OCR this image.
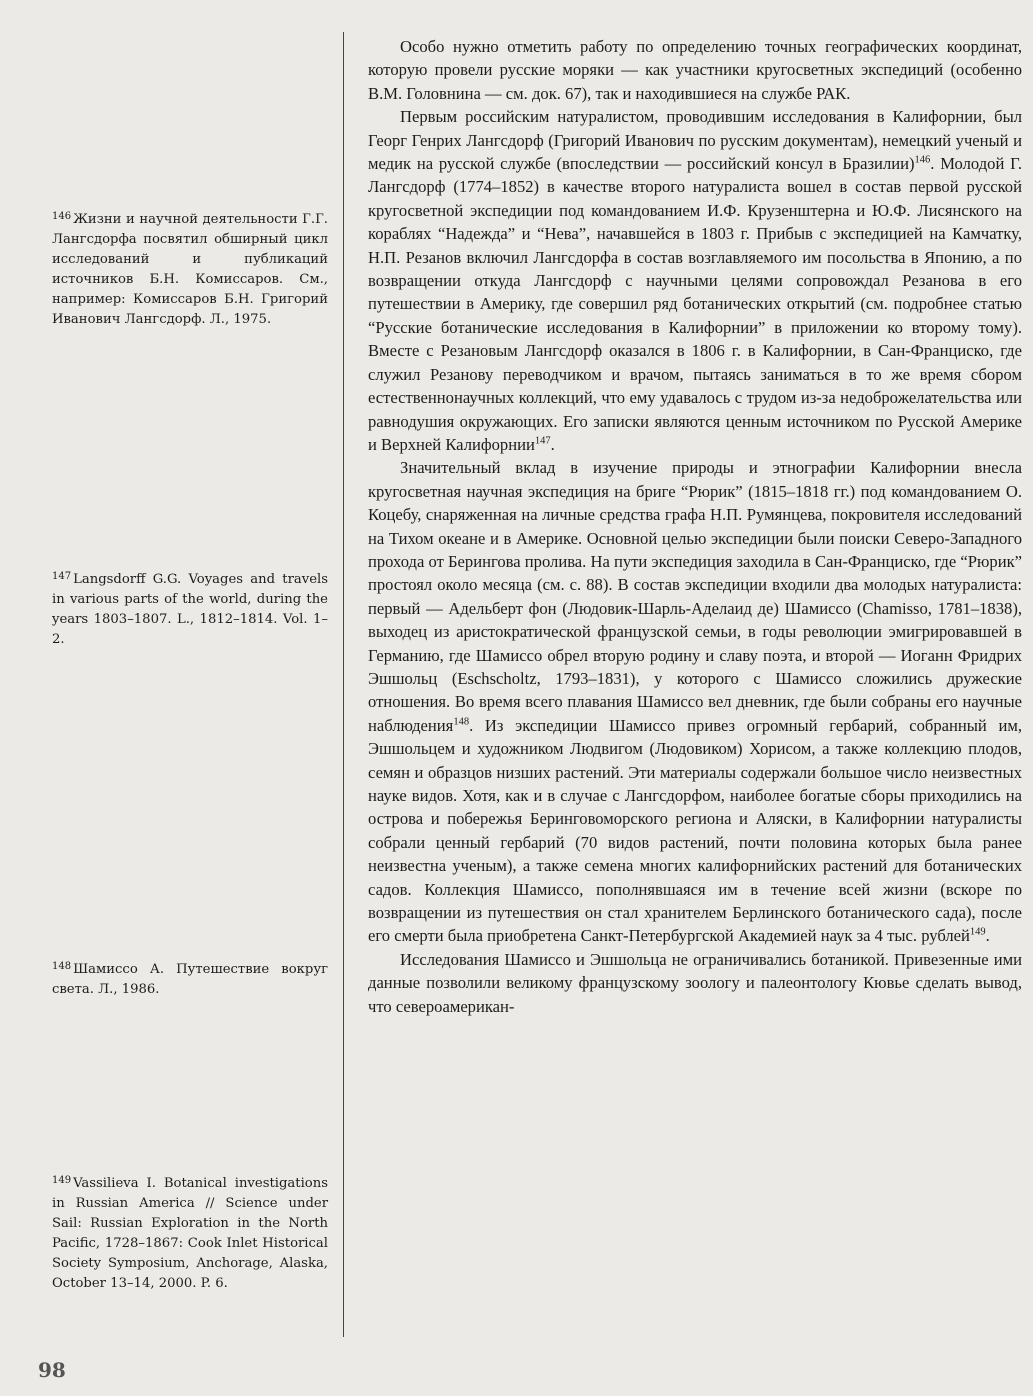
$^{146}$ Жизни и научной деятельности Г.Г. Лангсдорфа посвятил обширный цикл исследований и публикаций источников Б.Н. Комиссаров. См., например: Комиссаров Б.Н. Григорий Иванович Лангсдорф. Л., 1975.
$^{147}$ Langsdorff G.G. Voyages and travels in various parts of the world, during the years 1803–1807. L., 1812–1814. Vol. 1–2.
$^{148}$ Шамиссо А. Путешествие вокруг света. Л., 1986.
$^{149}$ Vassilieva I. Botanical investigations in Russian America // Science under Sail: Russian Exploration in the North Pacific, 1728–1867: Cook Inlet Historical Society Symposium, Anchorage, Alaska, October 13–14, 2000. P. 6.

Особо нужно отметить работу по определению точных географических координат, которую провели русские моряки — как участники кругосветных экспедиций (особенно В.М. Головнина — см. док. 67), так и находившиеся на службе РАК.

Первым российским натуралистом, проводившим исследования в Калифорнии, был Георг Генрих Лангсдорф (Григорий Иванович по русским документам), немецкий ученый и медик на русской службе (впоследствии — российский консул в Бразилии)$^{146}$. Молодой Г. Лангсдорф (1774–1852) в качестве второго натуралиста вошел в состав первой русской кругосветной экспедиции под командованием И.Ф. Крузенштерна и Ю.Ф. Лисянского на кораблях “Надежда” и “Нева”, начавшейся в 1803 г. Прибыв с экспедицией на Камчатку, Н.П. Резанов включил Лангсдорфа в состав возглавляемого им посольства в Японию, а по возвращении откуда Лангсдорф с научными целями сопровождал Резанова в его путешествии в Америку, где совершил ряд ботанических открытий (см. подробнее статью “Русские ботанические исследования в Калифорнии” в приложении ко второму тому). Вместе с Резановым Лангсдорф оказался в 1806 г. в Калифорнии, в Сан-Франциско, где служил Резанову переводчиком и врачом, пытаясь заниматься в то же время сбором естественнонаучных коллекций, что ему удавалось с трудом из-за недоброжелательства или равнодушия окружающих. Его записки являются ценным источником по Русской Америке и Верхней Калифорнии$^{147}$.

Значительный вклад в изучение природы и этнографии Калифорнии внесла кругосветная научная экспедиция на бриге “Рюрик” (1815–1818 гг.) под командованием О. Коцебу, снаряженная на личные средства графа Н.П. Румянцева, покровителя исследований на Тихом океане и в Америке. Основной целью экспедиции были поиски Северо-Западного прохода от Берингова пролива. На пути экспедиция заходила в Сан-Франциско, где “Рюрик” простоял около месяца (см. с. 88). В состав экспедиции входили два молодых натуралиста: первый — Адельберт фон (Людовик-Шарль-Аделаид де) Шамиссо (Chamisso, 1781–1838), выходец из аристократической французской семьи, в годы революции эмигрировавшей в Германию, где Шамиссо обрел вторую родину и славу поэта, и второй — Иоганн Фридрих Эшшольц (Eschscholtz, 1793–1831), у которого с Шамиссо сложились дружеские отношения. Во время всего плавания Шамиссо вел дневник, где были собраны его научные наблюдения$^{148}$. Из экспедиции Шамиссо привез огромный гербарий, собранный им, Эшшольцем и художником Людвигом (Людовиком) Хорисом, а также коллекцию плодов, семян и образцов низших растений. Эти материалы содержали большое число неизвестных науке видов. Хотя, как и в случае с Лангсдорфом, наиболее богатые сборы приходились на острова и побережья Беринговоморского региона и Аляски, в Калифорнии натуралисты собрали ценный гербарий (70 видов растений, почти половина которых была ранее неизвестна ученым), а также семена многих калифорнийских растений для ботанических садов. Коллекция Шамиссо, пополнявшаяся им в течение всей жизни (вскоре по возвращении из путешествия он стал хранителем Берлинского ботанического сада), после его смерти была приобретена Санкт-Петербургской Академией наук за 4 тыс. рублей$^{149}$.

Исследования Шамиссо и Эшшольца не ограничивались ботаникой. Привезенные ими данные позволили великому французскому зоологу и палеонтологу Кювье сделать вывод, что североамерикан-

98
